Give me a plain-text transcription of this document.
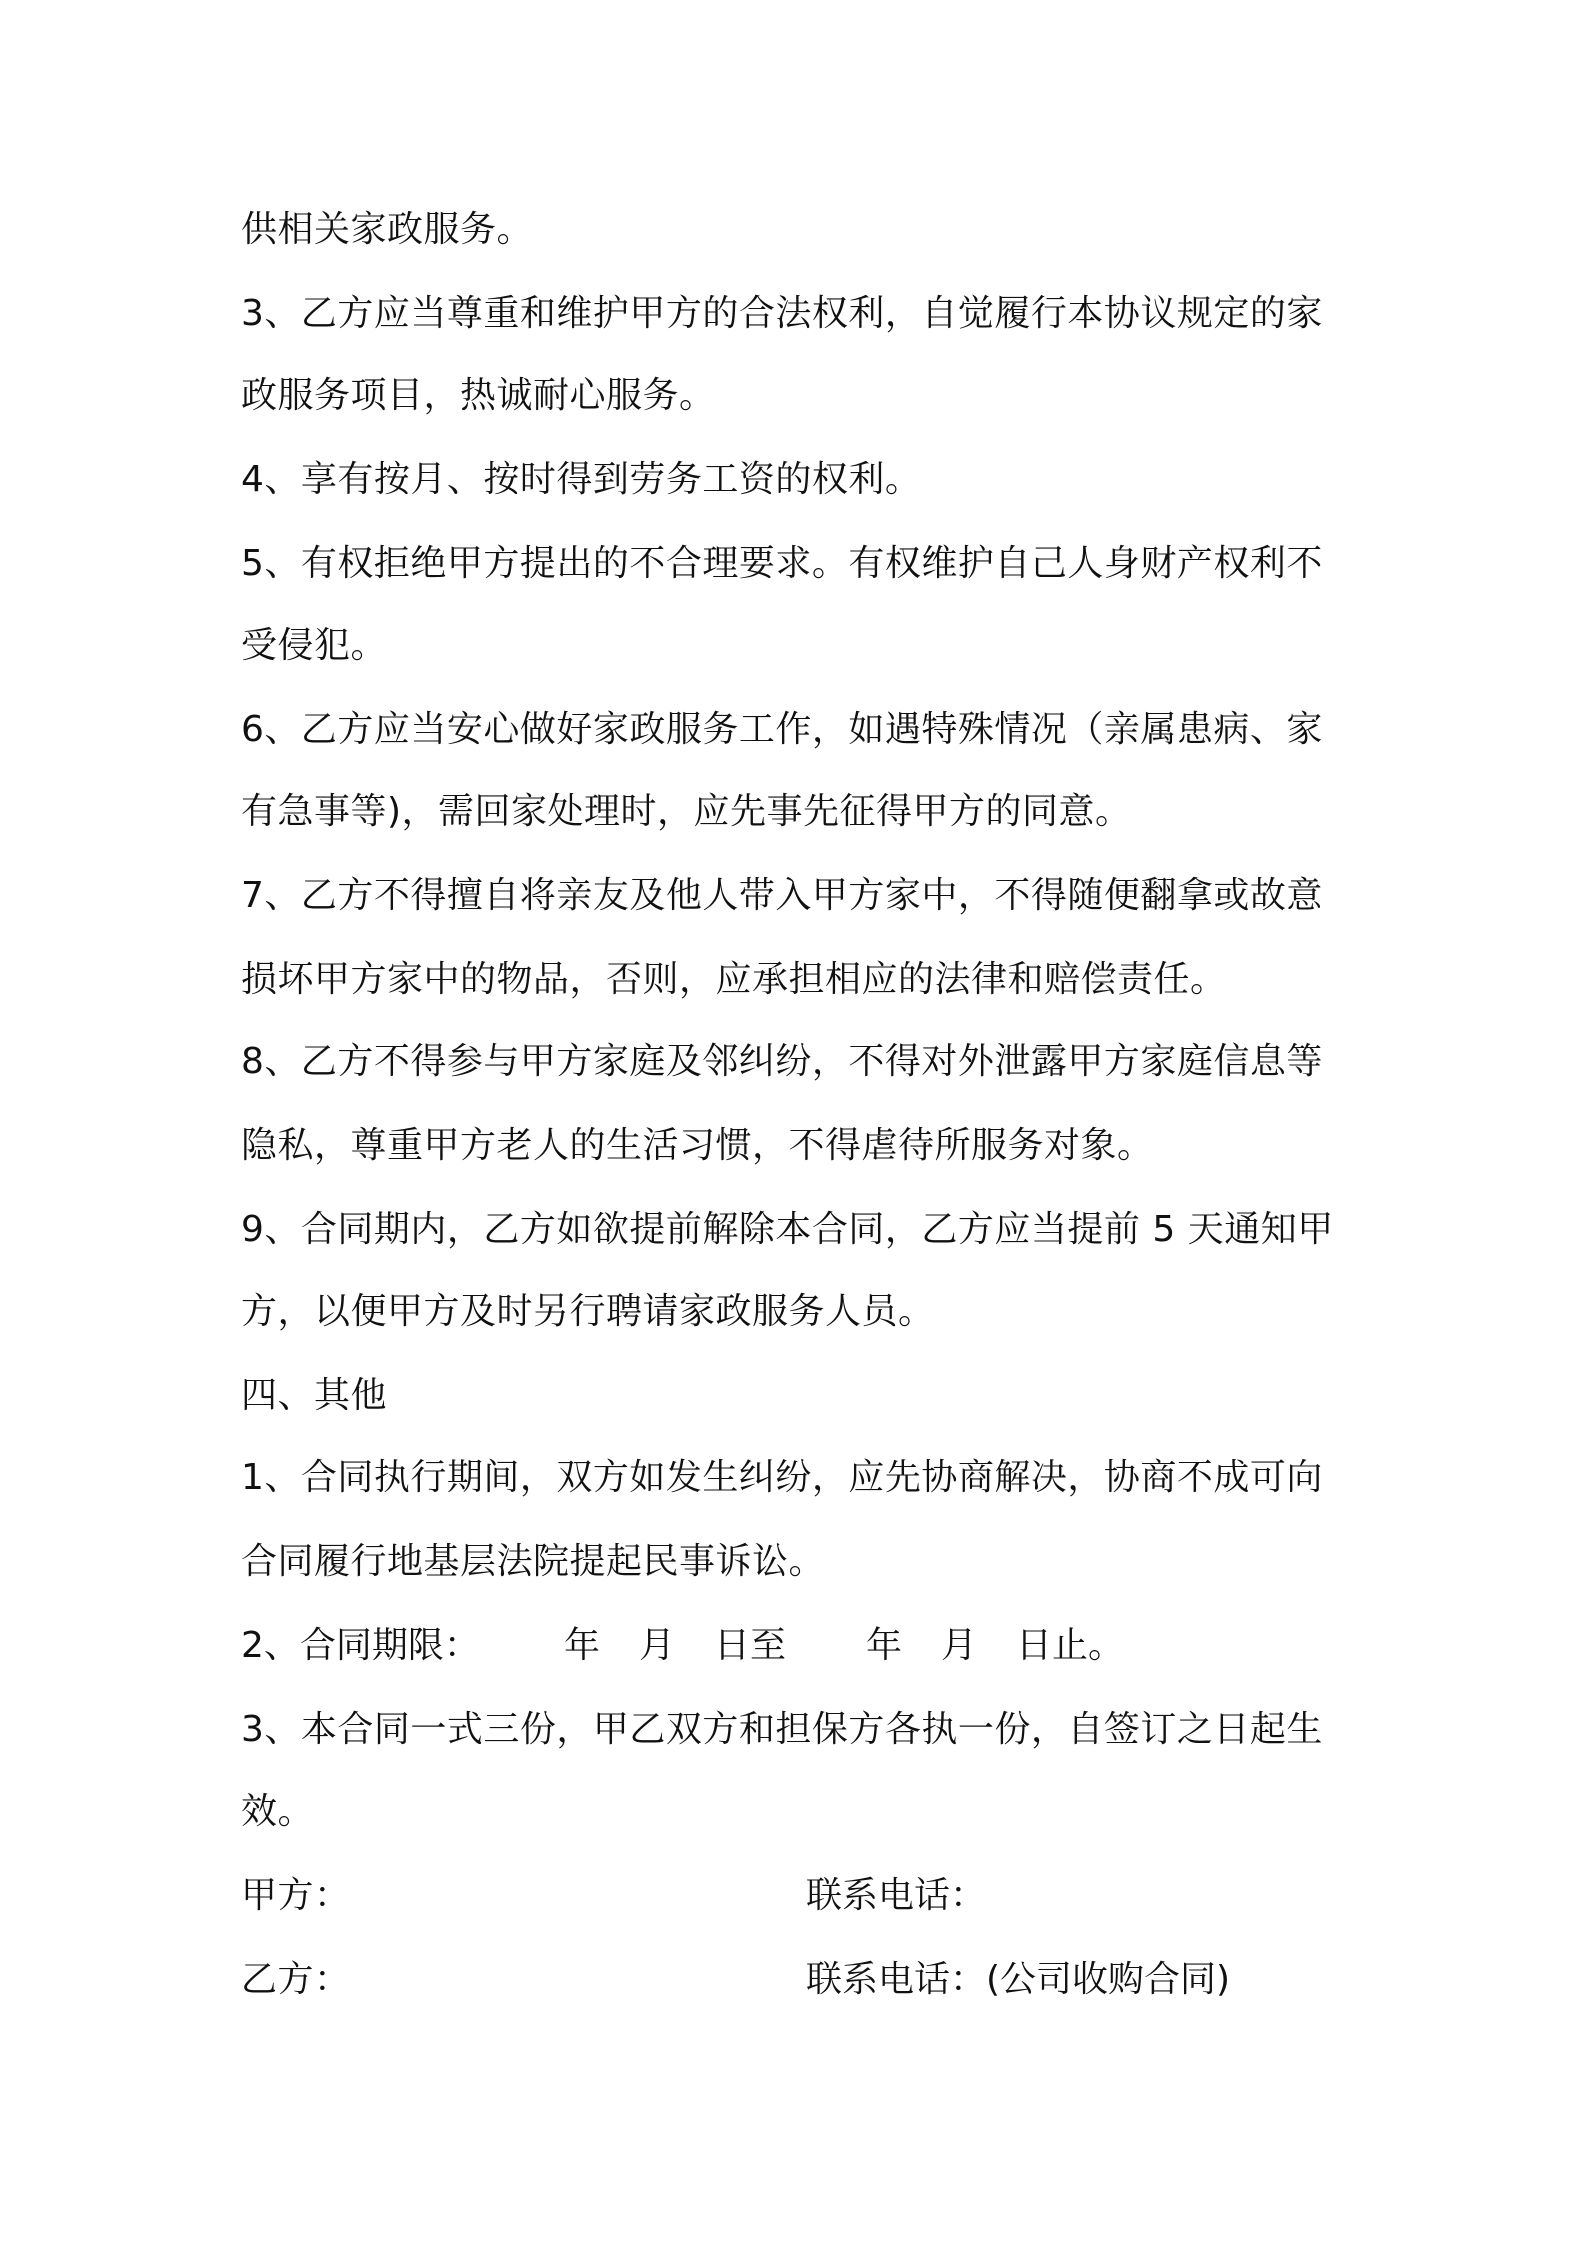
供相关家政服务。
3、乙方应当尊重和维护甲方的合法权利，自觉履行本协议规定的家
政服务项目，热诚耐心服务。
4、享有按月、按时得到劳务工资的权利。
5、有权拒绝甲方提出的不合理要求。有权维护自己人身财产权利不
受侵犯。
6、乙方应当安心做好家政服务工作，如遇特殊情况（亲属患病、家
有急事等)，需回家处理时，应先事先征得甲方的同意。
7、乙方不得擅自将亲友及他人带入甲方家中，不得随便翻拿或故意
损坏甲方家中的物品，否则，应承担相应的法律和赔偿责任。
8、乙方不得参与甲方家庭及邻纠纷，不得对外泄露甲方家庭信息等
隐私，尊重甲方老人的生活习惯，不得虐待所服务对象。
9、合同期内，乙方如欲提前解除本合同，乙方应当提前 5 天通知甲
方，以便甲方及时另行聘请家政服务人员。
四、其他
1、合同执行期间，双方如发生纠纷，应先协商解决，协商不成可向
合同履行地基层法院提起民事诉讼。
2、合同期限： 年 月 日至 年 月 日止。
3、本合同一式三份，甲乙双方和担保方各执一份，自签订之日起生
效。
甲方：	联系电话：
乙方：	联系电话：(公司收购合同)
